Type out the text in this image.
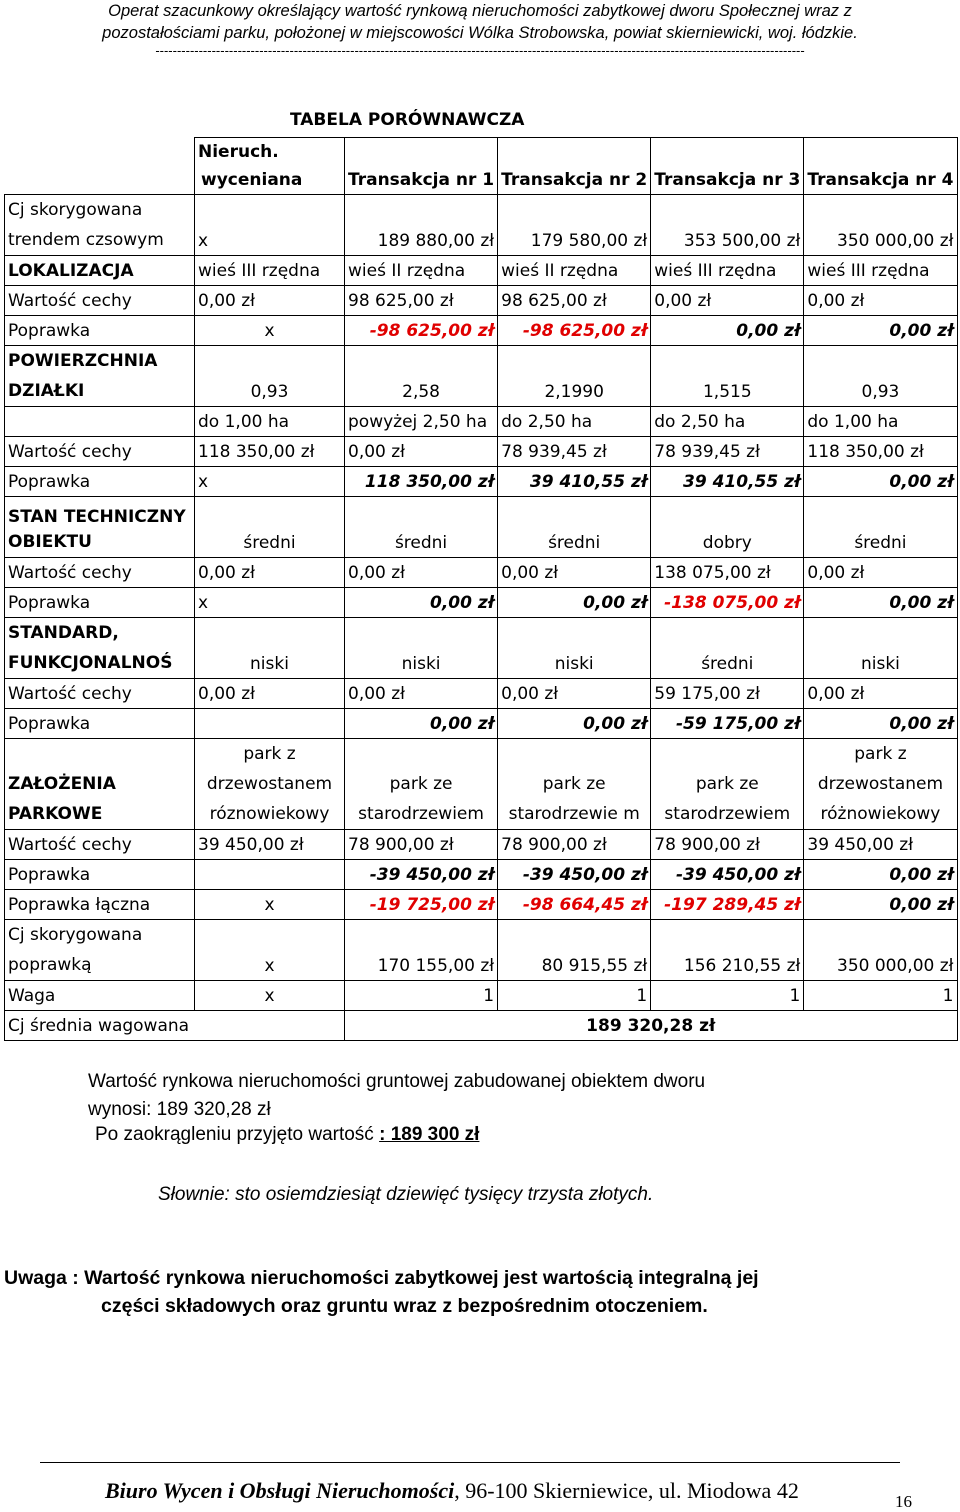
Operat szacunkowy określający wartość rynkową nieruchomości zabytkowej dworu Społecznej wraz z
pozostałościami parku, położonej w miejscowości Wólka Strobowska, powiat skierniewicki, woj. łódzkie.
------------------------------------------------------------------------------------------------------------------------------------------------------
TABELA PORÓWNAWCZA

	Nieruch.
wyceniana	Transakcja nr 1	Transakcja nr 2	Transakcja nr 3	Transakcja nr 4

Cj skorygowana
trendem czsowym	x	189 880,00 zł	179 580,00 zł	353 500,00 zł	350 000,00 zł
LOKALIZACJA	wieś III rzędna	wieś II rzędna	wieś II rzędna	wieś III rzędna	wieś III rzędna
Wartość cechy	0,00 zł	98 625,00 zł	98 625,00 zł	0,00 zł	0,00 zł
Poprawka	x	-98 625,00 zł	-98 625,00 zł	0,00 zł	0,00 zł

POWIERZCHNIA
DZIAŁKI	0,93	2,58	2,1990	1,515	0,93
	do 1,00 ha	powyżej 2,50 ha	do 2,50 ha	do 2,50 ha	do 1,00 ha
Wartość cechy	118 350,00 zł	0,00 zł	78 939,45 zł	78 939,45 zł	118 350,00 zł
Poprawka	x	118 350,00 zł	39 410,55 zł	39 410,55 zł	0,00 zł

STAN TECHNICZNY
OBIEKTU	średni	średni	średni	dobry	średni
Wartość cechy	0,00 zł	0,00 zł	0,00 zł	138 075,00 zł	0,00 zł
Poprawka	x	0,00 zł	0,00 zł	-138 075,00 zł	0,00 zł

STANDARD,
FUNKCJONALNOŚ	niski	niski	niski	średni	niski
Wartość cechy	0,00 zł	0,00 zł	0,00 zł	59 175,00 zł	0,00 zł
Poprawka		0,00 zł	0,00 zł	-59 175,00 zł	0,00 zł

ZAŁOŻENIA
PARKOWE	park z drzewostanem róznowiekowy	park ze starodrzewiem	park ze starodrzewie m	park ze starodrzewiem	park z drzewostanem różnowiekowy
Wartość cechy	39 450,00 zł	78 900,00 zł	78 900,00 zł	78 900,00 zł	39 450,00 zł
Poprawka		-39 450,00 zł	-39 450,00 zł	-39 450,00 zł	0,00 zł
Poprawka łączna	x	-19 725,00 zł	-98 664,45 zł	-197 289,45 zł	0,00 zł

Cj skorygowana
poprawką	x	170 155,00 zł	80 915,55 zł	156 210,55 zł	350 000,00 zł
Waga	x	1	1	1	1
Cj średnia wagowana		189 320,28 zł			
Wartość rynkowa nieruchomości gruntowej zabudowanej obiektem dworu
wynosi: 189 320,28 zł
Po zaokrągleniu przyjęto wartość : 189 300 zł
Słownie: sto osiemdziesiąt dziewięć tysięcy trzysta złotych.
Uwaga : Wartość rynkowa nieruchomości zabytkowej jest wartością integralną jej
części składowych oraz gruntu wraz z bezpośrednim otoczeniem.
Biuro Wycen i Obsługi Nieruchomości, 96-100 Skierniewice, ul. Miodowa 42	16
